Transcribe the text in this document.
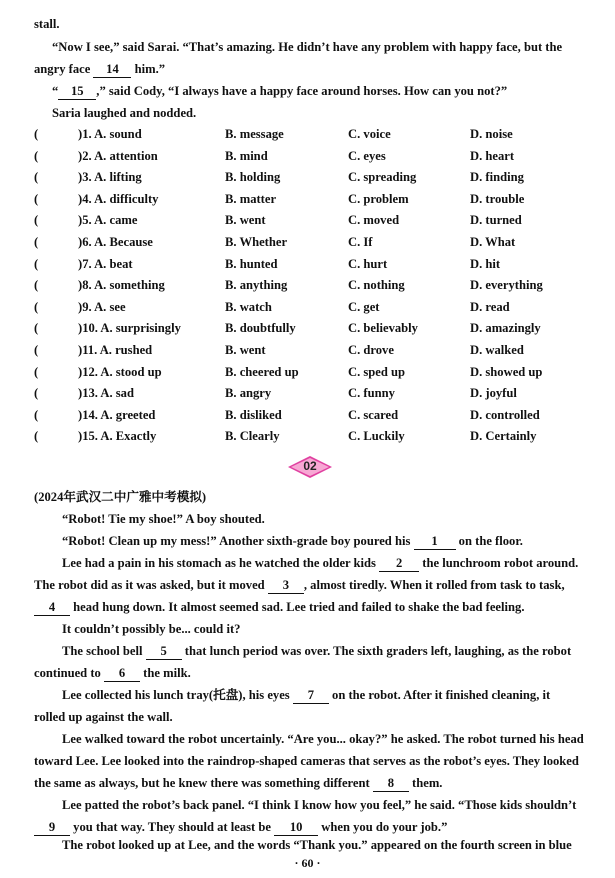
stall.
“Now I see,” said Sarai. “That’s amazing. He didn’t have any problem with happy face, but the
angry face 14 him.”
“ 15 ,” said Cody, “I always have a happy face around horses. How can you not?”
Saria laughed and nodded.
(	)1. A. sound	B. message	C. voice	D. noise
(	)2. A. attention	B. mind	C. eyes	D. heart
(	)3. A. lifting	B. holding	C. spreading	D. finding
(	)4. A. difficulty	B. matter	C. problem	D. trouble
(	)5. A. came	B. went	C. moved	D. turned
(	)6. A. Because	B. Whether	C. If	D. What
(	)7. A. beat	B. hunted	C. hurt	D. hit
(	)8. A. something	B. anything	C. nothing	D. everything
(	)9. A. see	B. watch	C. get	D. read
(	)10. A. surprisingly	B. doubtfully	C. believably	D. amazingly
(	)11. A. rushed	B. went	C. drove	D. walked
(	)12. A. stood up	B. cheered up	C. sped up	D. showed up
(	)13. A. sad	B. angry	C. funny	D. joyful
(	)14. A. greeted	B. disliked	C. scared	D. controlled
(	)15. A. Exactly	B. Clearly	C. Luckily	D. Certainly
02
(2024年武汉二中广雅中考模拟)
“Robot! Tie my shoe!” A boy shouted.
“Robot! Clean up my mess!” Another sixth-grade boy poured his 1 on the floor.
Lee had a pain in his stomach as he watched the older kids 2 the lunchroom robot around.
The robot did as it was asked, but it moved 3 , almost tiredly. When it rolled from task to task,
4 head hung down. It almost seemed sad. Lee tried and failed to shake the bad feeling.
It couldn’t possibly be... could it?
The school bell 5 that lunch period was over. The sixth graders left, laughing, as the robot
continued to 6 the milk.
Lee collected his lunch tray(托盘), his eyes 7 on the robot. After it finished cleaning, it
rolled up against the wall.
Lee walked toward the robot uncertainly. “Are you... okay?” he asked. The robot turned his head
toward Lee. Lee looked into the raindrop-shaped cameras that serves as the robot’s eyes. They looked
the same as always, but he knew there was something different 8 them.
Lee patted the robot’s back panel. “I think I know how you feel,” he said. “Those kids shouldn’t
9 you that way. They should at least be 10 when you do your job.”
The robot looked up at Lee, and the words “Thank you.” appeared on the fourth screen in blue
· 60 ·
